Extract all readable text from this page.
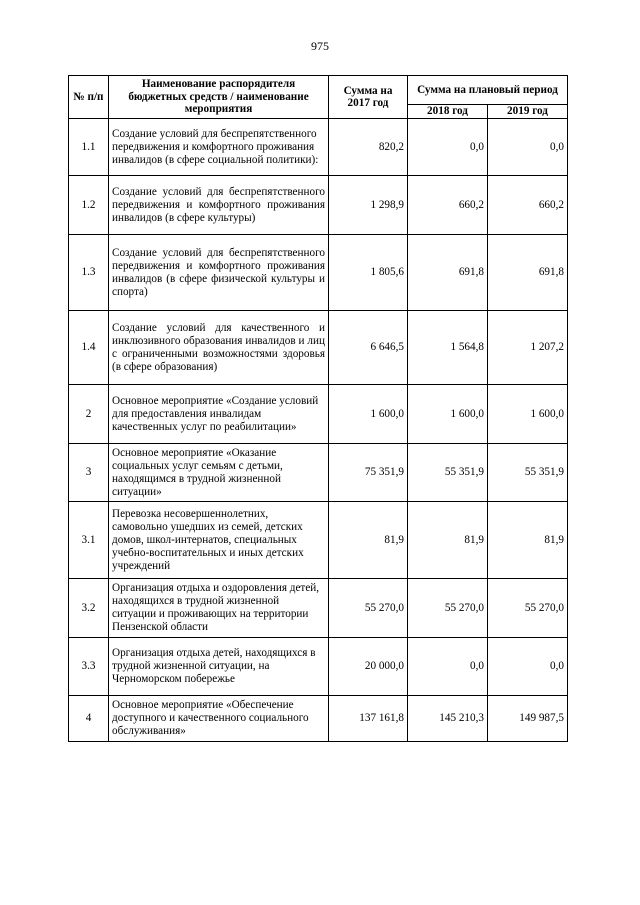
975
№ п/п	Наименование распорядителя бюджетных средств / наименование мероприятия	Сумма на 2017 год	Сумма на плановый период	
			2018 год	2019 год
1.1	Создание условий для беспрепятственного передвижения и комфортного проживания инвалидов (в сфере социальной политики):	820,2	0,0	0,0
1.2	Создание условий для беспрепятственного передвижения и комфортного проживания инвалидов (в сфере культуры)	1 298,9	660,2	660,2
1.3	Создание условий для беспрепятственного передвижения и комфортного проживания инвалидов (в сфере физической культуры и спорта)	1 805,6	691,8	691,8
1.4	Создание условий для качественного и инклюзивного образования инвалидов и лиц с ограниченными возможностями здоровья (в сфере образования)	6 646,5	1 564,8	1 207,2
2	Основное мероприятие «Создание условий для предоставления инвалидам качественных услуг по реабилитации»	1 600,0	1 600,0	1 600,0
3	Основное мероприятие «Оказание социальных услуг семьям с детьми, находящимся в трудной жизненной ситуации»	75 351,9	55 351,9	55 351,9
3.1	Перевозка несовершеннолетних, самовольно ушедших из семей, детских домов, школ-интернатов, специальных учебно-воспитательных и иных детских учреждений	81,9	81,9	81,9
3.2	Организация отдыха и оздоровления детей, находящихся в трудной жизненной ситуации и проживающих на территории Пензенской области	55 270,0	55 270,0	55 270,0
3.3	Организация отдыха детей, находящихся в трудной жизненной ситуации, на Черноморском побережье	20 000,0	0,0	0,0
4	Основное мероприятие «Обеспечение доступного и качественного социального обслуживания»	137 161,8	145 210,3	149 987,5
